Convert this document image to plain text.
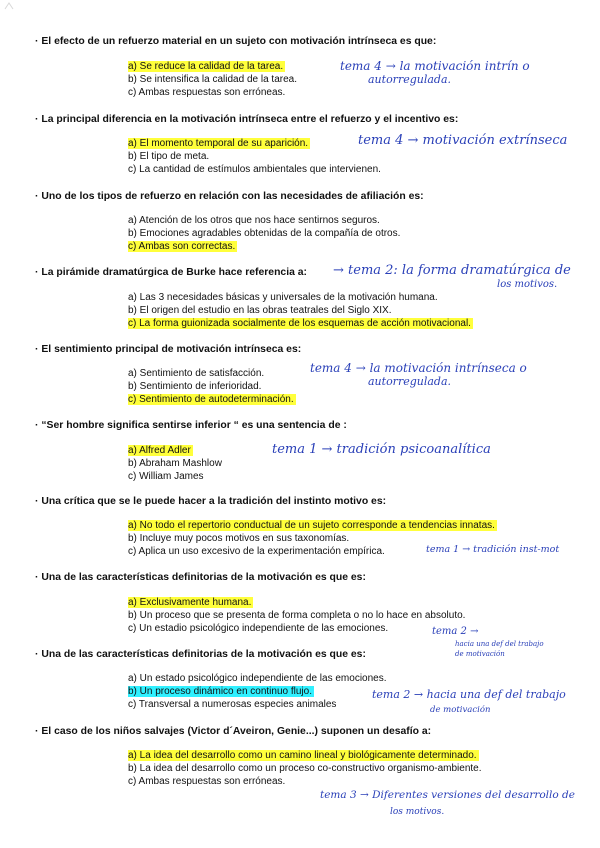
· El efecto de un refuerzo material en un sujeto con motivación intrínseca es que:
a) Se reduce la calidad de la tarea.
b) Se intensifica la calidad de la tarea.
c) Ambas respuestas son erróneas.
tema 4 → la motivación intrín o
autorregulada.
· La principal diferencia en la motivación intrínseca entre el refuerzo y el incentivo es:
a) El momento temporal de su aparición.
b) El tipo de meta.
c) La cantidad de estímulos ambientales que intervienen.
tema 4 → motivación extrínseca
· Uno de los tipos de refuerzo en relación con las necesidades de afiliación es:
a) Atención de los otros que nos hace sentirnos seguros.
b) Emociones agradables obtenidas de la compañía de otros.
c) Ambas son correctas.
· La pirámide dramatúrgica de Burke hace referencia a:
a) Las 3 necesidades básicas y universales de la motivación humana.
b) El origen del estudio en las obras teatrales del Siglo XIX.
c) La forma guionizada socialmente de los esquemas de acción motivacional.
→ tema 2: la forma dramatúrgica de
los motivos.
· El sentimiento principal de motivación intrínseca es:
a) Sentimiento de satisfacción.
b) Sentimiento de inferioridad.
c) Sentimiento de autodeterminación.
tema 4 → la motivación intrínseca o
autorregulada.
· “Ser hombre significa sentirse inferior “ es una sentencia de :
a) Alfred Adler
b) Abraham Mashlow
c) William James
tema 1 → tradición psicoanalítica
· Una crítica que se le puede hacer a la tradición del instinto motivo es:
a) No todo el repertorio conductual de un sujeto corresponde a tendencias innatas.
b) Incluye muy pocos motivos en sus taxonomías.
c) Aplica un uso excesivo de la experimentación empírica.	tema 1 → tradición inst-mot
· Una de las características definitorias de la motivación es que es:
a) Exclusivamente humana.
b) Un proceso que se presenta de forma completa o no lo hace en absoluto.
c) Un estadio psicológico independiente de las emociones.	tema 2 →
hacia una def del trabajo
de motivación
· Una de las características definitorias de la motivación es que es:
a) Un estado psicológico independiente de las emociones.
b) Un proceso dinámico en continuo flujo.
c) Transversal a numerosas especies animales
tema 2 → hacia una def del trabajo
de motivación
· El caso de los niños salvajes (Victor d´Aveiron, Genie...) suponen un desafío a:
a) La idea del desarrollo como un camino lineal y biológicamente determinado.
b) La idea del desarrollo como un proceso co-constructivo organismo-ambiente.
c) Ambas respuestas son erróneas.
tema 3 → Diferentes versiones del desarrollo de
los motivos.
